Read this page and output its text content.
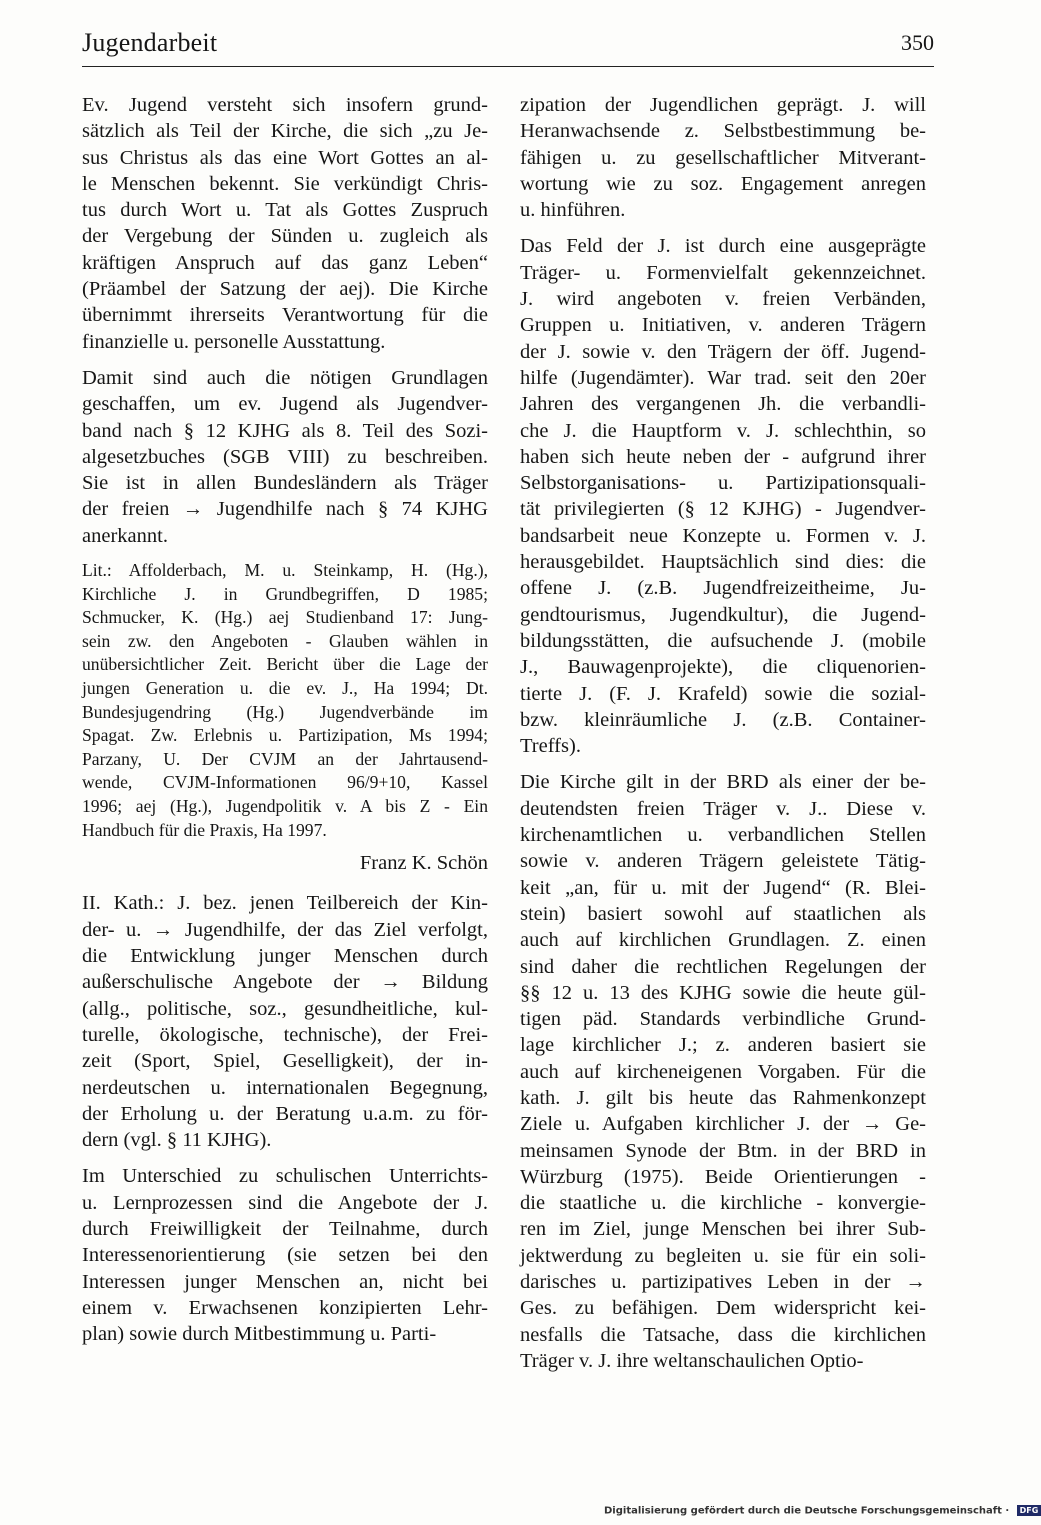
Jugendarbeit	350

Ev. Jugend versteht sich insofern grund-
sätzlich als Teil der Kirche, die sich „zu Je-
sus Christus als das eine Wort Gottes an al-
le Menschen bekennt. Sie verkündigt Chris-
tus durch Wort u. Tat als Gottes Zuspruch
der Vergebung der Sünden u. zugleich als
kräftigen Anspruch auf das ganz Leben“
(Präambel der Satzung der aej). Die Kirche
übernimmt ihrerseits Verantwortung für die
finanzielle u. personelle Ausstattung.

Damit sind auch die nötigen Grundlagen
geschaffen, um ev. Jugend als Jugendver-
band nach § 12 KJHG als 8. Teil des Sozi-
algesetzbuches (SGB VIII) zu beschreiben.
Sie ist in allen Bundesländern als Träger
der freien → Jugendhilfe nach § 74 KJHG
anerkannt.

Lit.: Affolderbach, M. u. Steinkamp, H. (Hg.),
Kirchliche J. in Grundbegriffen, D 1985;
Schmucker, K. (Hg.) aej Studienband 17: Jung-
sein zw. den Angeboten - Glauben wählen in
unübersichtlicher Zeit. Bericht über die Lage der
jungen Generation u. die ev. J., Ha 1994; Dt.
Bundesjugendring (Hg.) Jugendverbände im
Spagat. Zw. Erlebnis u. Partizipation, Ms 1994;
Parzany, U. Der CVJM an der Jahrtausend-
wende, CVJM-Informationen 96/9+10, Kassel
1996; aej (Hg.), Jugendpolitik v. A bis Z - Ein
Handbuch für die Praxis, Ha 1997.

Franz K. Schön

II. Kath.: J. bez. jenen Teilbereich der Kin-
der- u. → Jugendhilfe, der das Ziel verfolgt,
die Entwicklung junger Menschen durch
außerschulische Angebote der → Bildung
(allg., politische, soz., gesundheitliche, kul-
turelle, ökologische, technische), der Frei-
zeit (Sport, Spiel, Geselligkeit), der in-
nerdeutschen u. internationalen Begegnung,
der Erholung u. der Beratung u.a.m. zu för-
dern (vgl. § 11 KJHG).

Im Unterschied zu schulischen Unterrichts-
u. Lernprozessen sind die Angebote der J.
durch Freiwilligkeit der Teilnahme, durch
Interessenorientierung (sie setzen bei den
Interessen junger Menschen an, nicht bei
einem v. Erwachsenen konzipierten Lehr-
plan) sowie durch Mitbestimmung u. Parti-

zipation der Jugendlichen geprägt. J. will
Heranwachsende z. Selbstbestimmung be-
fähigen u. zu gesellschaftlicher Mitverant-
wortung wie zu soz. Engagement anregen
u. hinführen.

Das Feld der J. ist durch eine ausgeprägte
Träger- u. Formenvielfalt gekennzeichnet.
J. wird angeboten v. freien Verbänden,
Gruppen u. Initiativen, v. anderen Trägern
der J. sowie v. den Trägern der öff. Jugend-
hilfe (Jugendämter). War trad. seit den 20er
Jahren des vergangenen Jh. die verbandli-
che J. die Hauptform v. J. schlechthin, so
haben sich heute neben der - aufgrund ihrer
Selbstorganisations- u. Partizipationsquali-
tät privilegierten (§ 12 KJHG) - Jugendver-
bandsarbeit neue Konzepte u. Formen v. J.
herausgebildet. Hauptsächlich sind dies: die
offene J. (z.B. Jugendfreizeitheime, Ju-
gendtourismus, Jugendkultur), die Jugend-
bildungsstätten, die aufsuchende J. (mobile
J., Bauwagenprojekte), die cliquenorien-
tierte J. (F. J. Krafeld) sowie die sozial-
bzw. kleinräumliche J. (z.B. Container-
Treffs).

Die Kirche gilt in der BRD als einer der be-
deutendsten freien Träger v. J.. Diese v.
kirchenamtlichen u. verbandlichen Stellen
sowie v. anderen Trägern geleistete Tätig-
keit „an, für u. mit der Jugend“ (R. Blei-
stein) basiert sowohl auf staatlichen als
auch auf kirchlichen Grundlagen. Z. einen
sind daher die rechtlichen Regelungen der
§§ 12 u. 13 des KJHG sowie die heute gül-
tigen päd. Standards verbindliche Grund-
lage kirchlicher J.; z. anderen basiert sie
auch auf kircheneigenen Vorgaben. Für die
kath. J. gilt bis heute das Rahmenkonzept
Ziele u. Aufgaben kirchlicher J. der → Ge-
meinsamen Synode der Btm. in der BRD in
Würzburg (1975). Beide Orientierungen -
die staatliche u. die kirchliche - konvergie-
ren im Ziel, junge Menschen bei ihrer Sub-
jektwerdung zu begleiten u. sie für ein soli-
darisches u. partizipatives Leben in der →
Ges. zu befähigen. Dem widerspricht kei-
nesfalls die Tatsache, dass die kirchlichen
Träger v. J. ihre weltanschaulichen Optio-

Digitalisierung gefördert durch die Deutsche Forschungsgemeinschaft · DFG
